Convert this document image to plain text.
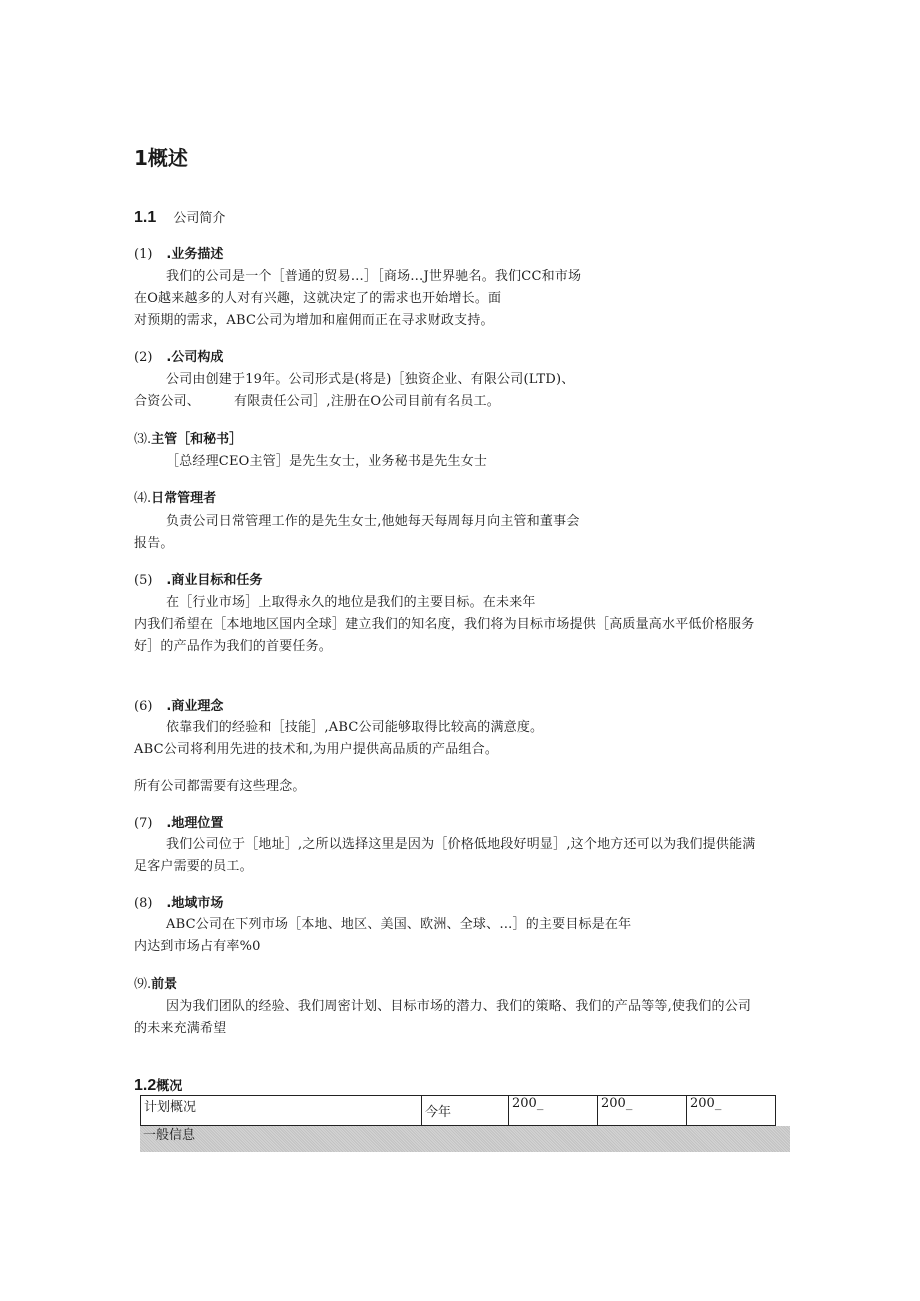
1概述
1.1 公司简介
(1) .业务描述
我们的公司是一个［普通的贸易…］［商场…J世界驰名。我们CC和市场
在O越来越多的人对有兴趣，这就决定了的需求也开始增长。面
对预期的需求，ABC公司为增加和雇佣而正在寻求财政支持。
(2) .公司构成
公司由创建于19年。公司形式是(将是)［独资企业、有限公司(LTD)、
合资公司、	有限责任公司］,注册在O公司目前有名员工。
⑶.主管［和秘书］
［总经理CEO主管］是先生女士，业务秘书是先生女士
⑷.日常管理者
负责公司日常管理工作的是先生女士,他她每天每周每月向主管和董事会
报告。
(5) .商业目标和任务
在［行业市场］上取得永久的地位是我们的主要目标。在未来年
内我们希望在［本地地区国内全球］建立我们的知名度，我们将为目标市场提供［高质量高水平低价格服务
好］的产品作为我们的首要任务。
(6) .商业理念
依靠我们的经验和［技能］,ABC公司能够取得比较高的满意度。
ABC公司将利用先进的技术和,为用户提供高品质的产品组合。
所有公司都需要有这些理念。
(7) .地理位置
我们公司位于［地址］,之所以选择这里是因为［价格低地段好明显］,这个地方还可以为我们提供能满
足客户需要的员工。
(8) .地域市场
ABC公司在下列市场［本地、地区、美国、欧洲、全球、…］的主要目标是在年
内达到市场占有率%0
⑼.前景
因为我们团队的经验、我们周密计划、目标市场的潜力、我们的策略、我们的产品等等,使我们的公司
的未来充满希望
1.2概况
计划概况	今年	200_	200_	200_
一般信息
